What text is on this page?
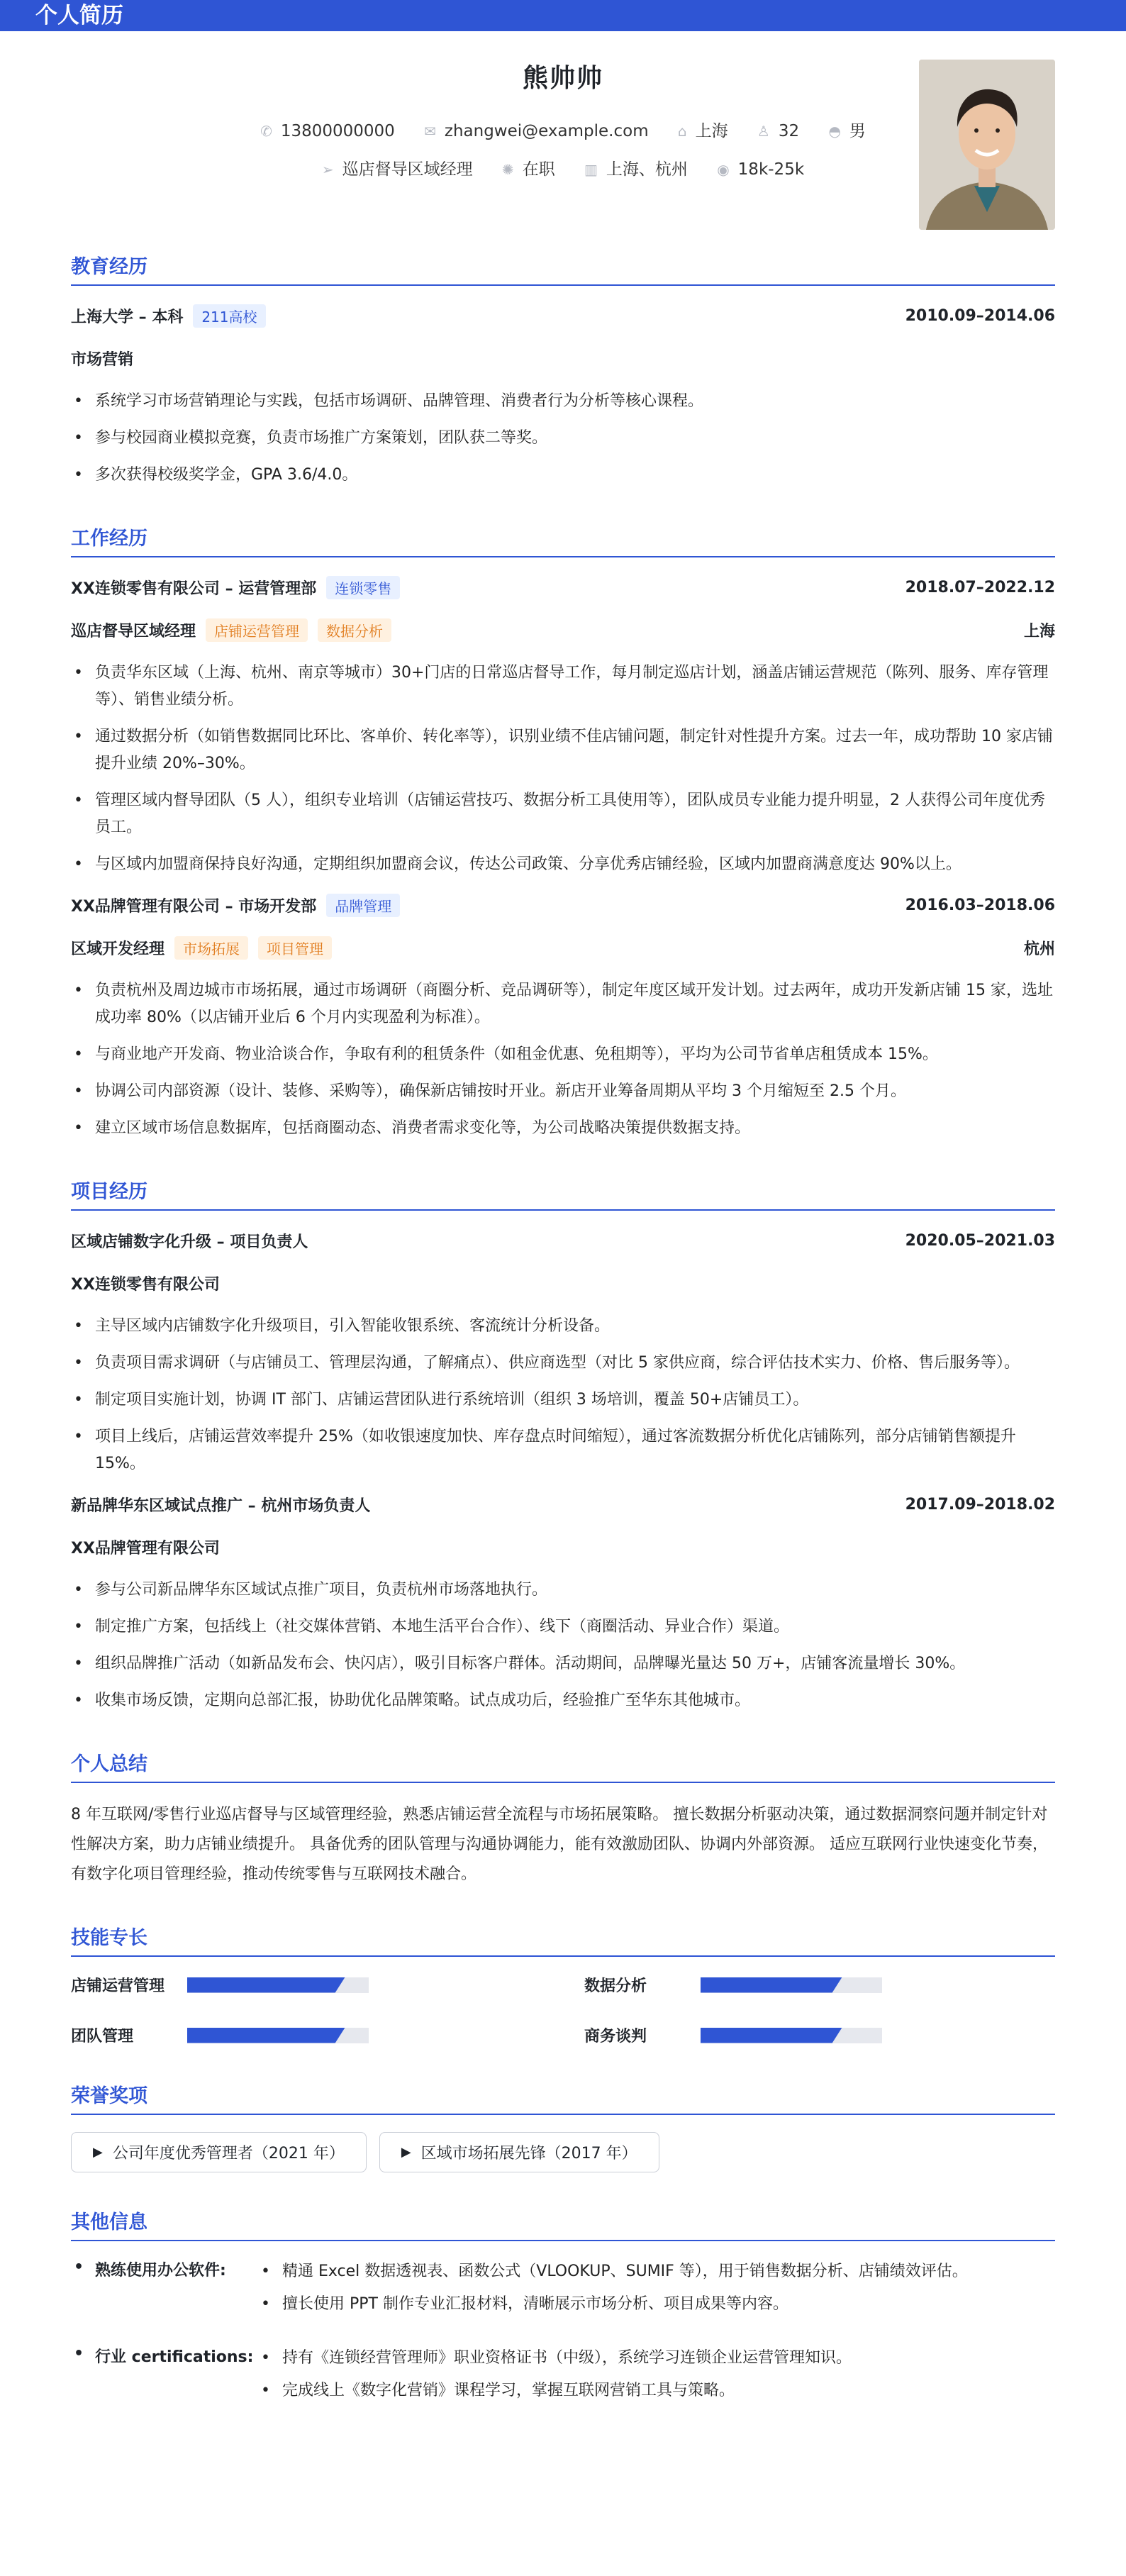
个人简历
熊帅帅
✆ 13800000000 ✉ zhangwei@example.com ⌂ 上海 ♙ 32 ◓ 男
➢ 巡店督导区域经理 ✺ 在职 ▥ 上海、杭州 ◉ 18k-25k
教育经历
上海大学 – 本科	211高校	2010.09–2014.06
市场营销
• 系统学习市场营销理论与实践，包括市场调研、品牌管理、消费者行为分析等核心课程。
• 参与校园商业模拟竞赛，负责市场推广方案策划，团队获二等奖。
• 多次获得校级奖学金，GPA 3.6/4.0。
工作经历
XX连锁零售有限公司 – 运营管理部	连锁零售	2018.07–2022.12
巡店督导区域经理	店铺运营管理	数据分析	上海
• 负责华东区域（上海、杭州、南京等城市）30+门店的日常巡店督导工作，每月制定巡店计划，涵盖店铺运营规范（陈列、服务、库存管理等）、销售业绩分析。
• 通过数据分析（如销售数据同比环比、客单价、转化率等），识别业绩不佳店铺问题，制定针对性提升方案。过去一年，成功帮助 10 家店铺提升业绩 20%–30%。
• 管理区域内督导团队（5 人），组织专业培训（店铺运营技巧、数据分析工具使用等），团队成员专业能力提升明显，2 人获得公司年度优秀员工。
• 与区域内加盟商保持良好沟通，定期组织加盟商会议，传达公司政策、分享优秀店铺经验，区域内加盟商满意度达 90%以上。
XX品牌管理有限公司 – 市场开发部	品牌管理	2016.03–2018.06
区域开发经理	市场拓展	项目管理	杭州
• 负责杭州及周边城市市场拓展，通过市场调研（商圈分析、竞品调研等），制定年度区域开发计划。过去两年，成功开发新店铺 15 家，选址成功率 80%（以店铺开业后 6 个月内实现盈利为标准）。
• 与商业地产开发商、物业洽谈合作，争取有利的租赁条件（如租金优惠、免租期等），平均为公司节省单店租赁成本 15%。
• 协调公司内部资源（设计、装修、采购等），确保新店铺按时开业。新店开业筹备周期从平均 3 个月缩短至 2.5 个月。
• 建立区域市场信息数据库，包括商圈动态、消费者需求变化等，为公司战略决策提供数据支持。
项目经历
区域店铺数字化升级 – 项目负责人	2020.05–2021.03
XX连锁零售有限公司
• 主导区域内店铺数字化升级项目，引入智能收银系统、客流统计分析设备。
• 负责项目需求调研（与店铺员工、管理层沟通，了解痛点）、供应商选型（对比 5 家供应商，综合评估技术实力、价格、售后服务等）。
• 制定项目实施计划，协调 IT 部门、店铺运营团队进行系统培训（组织 3 场培训，覆盖 50+店铺员工）。
• 项目上线后，店铺运营效率提升 25%（如收银速度加快、库存盘点时间缩短），通过客流数据分析优化店铺陈列，部分店铺销售额提升 15%。
新品牌华东区域试点推广 – 杭州市场负责人	2017.09–2018.02
XX品牌管理有限公司
• 参与公司新品牌华东区域试点推广项目，负责杭州市场落地执行。
• 制定推广方案，包括线上（社交媒体营销、本地生活平台合作）、线下（商圈活动、异业合作）渠道。
• 组织品牌推广活动（如新品发布会、快闪店），吸引目标客户群体。活动期间，品牌曝光量达 50 万+，店铺客流量增长 30%。
• 收集市场反馈，定期向总部汇报，协助优化品牌策略。试点成功后，经验推广至华东其他城市。
个人总结
8 年互联网/零售行业巡店督导与区域管理经验，熟悉店铺运营全流程与市场拓展策略。 擅长数据分析驱动决策，通过数据洞察问题并制定针对性解决方案，助力店铺业绩提升。 具备优秀的团队管理与沟通协调能力，能有效激励团队、协调内外部资源。 适应互联网行业快速变化节奏，有数字化项目管理经验，推动传统零售与互联网技术融合。
技能专长
店铺运营管理	数据分析
团队管理	商务谈判
荣誉奖项
▶ 公司年度优秀管理者（2021 年）	▶ 区域市场拓展先锋（2017 年）
其他信息
• 熟练使用办公软件:	• 精通 Excel 数据透视表、函数公式（VLOOKUP、SUMIF 等），用于销售数据分析、店铺绩效评估。
• 擅长使用 PPT 制作专业汇报材料，清晰展示市场分析、项目成果等内容。
• 行业 certifications:	• 持有《连锁经营管理师》职业资格证书（中级），系统学习连锁企业运营管理知识。
• 完成线上《数字化营销》课程学习，掌握互联网营销工具与策略。
